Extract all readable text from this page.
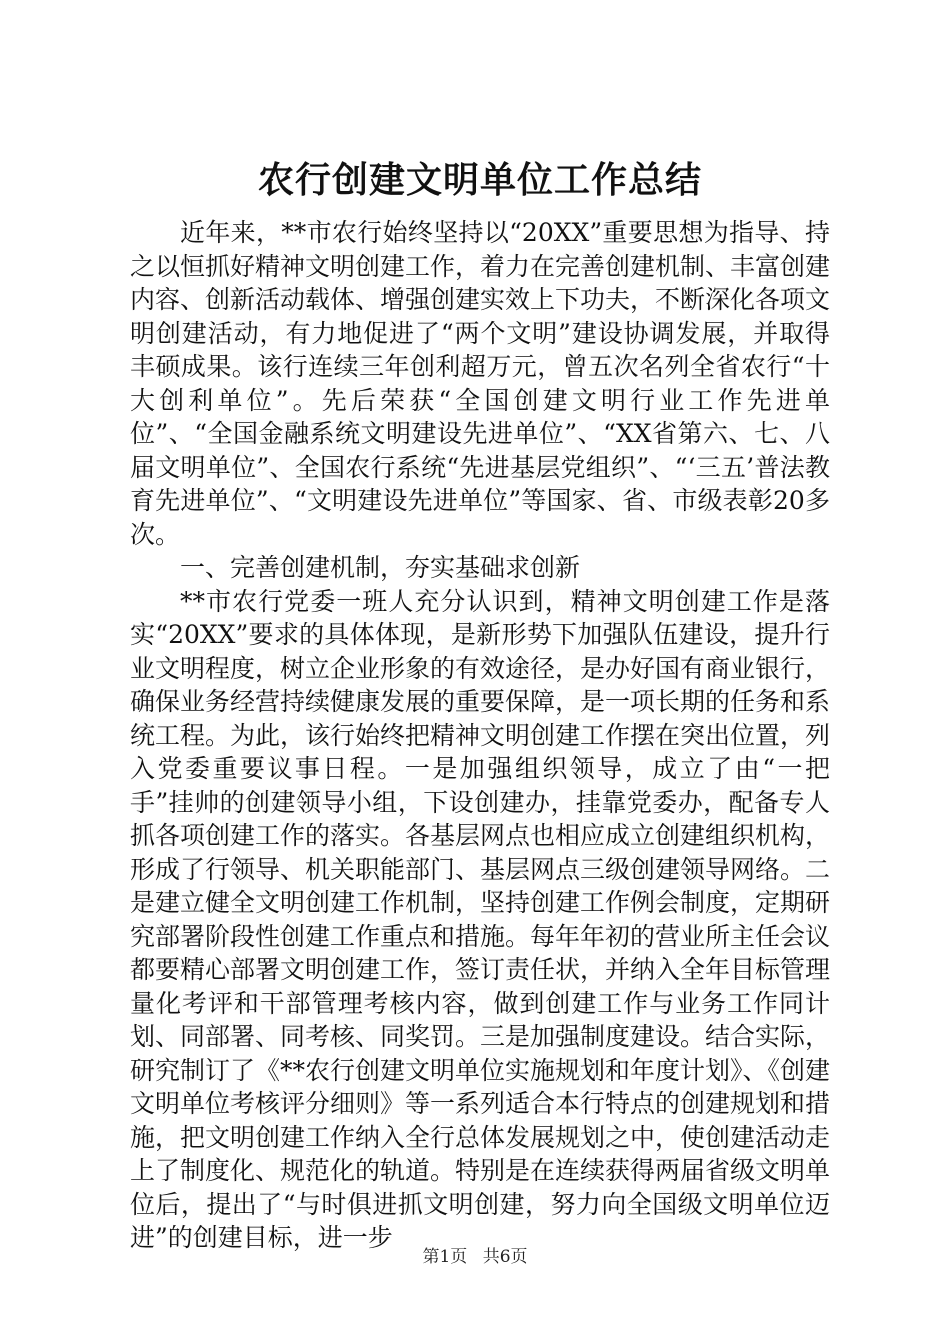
农行创建文明单位工作总结

近年来，**市农行始终坚持以“20XX”重要思想为指导、持之以恒抓好精神文明创建工作，着力在完善创建机制、丰富创建内容、创新活动载体、增强创建实效上下功夫，不断深化各项文明创建活动，有力地促进了“两个文明”建设协调发展，并取得丰硕成果。该行连续三年创利超万元，曾五次名列全省农行“十大创利单位”。先后荣获“全国创建文明行业工作先进单位”、“全国金融系统文明建设先进单位”、“XX省第六、七、八届文明单位”、全国农行系统“先进基层党组织”、“‘三五’普法教育先进单位”、“文明建设先进单位”等国家、省、市级表彰20多次。

一、完善创建机制，夯实基础求创新

**市农行党委一班人充分认识到，精神文明创建工作是落实“20XX”要求的具体体现，是新形势下加强队伍建设，提升行业文明程度，树立企业形象的有效途径，是办好国有商业银行，确保业务经营持续健康发展的重要保障，是一项长期的任务和系统工程。为此，该行始终把精神文明创建工作摆在突出位置，列入党委重要议事日程。一是加强组织领导，成立了由“一把手”挂帅的创建领导小组，下设创建办，挂靠党委办，配备专人抓各项创建工作的落实。各基层网点也相应成立创建组织机构，形成了行领导、机关职能部门、基层网点三级创建领导网络。二是建立健全文明创建工作机制，坚持创建工作例会制度，定期研究部署阶段性创建工作重点和措施。每年年初的营业所主任会议都要精心部署文明创建工作，签订责任状，并纳入全年目标管理量化考评和干部管理考核内容，做到创建工作与业务工作同计划、同部署、同考核、同奖罚。三是加强制度建设。结合实际，研究制订了《**农行创建文明单位实施规划和年度计划》、《创建文明单位考核评分细则》等一系列适合本行特点的创建规划和措施，把文明创建工作纳入全行总体发展规划之中，使创建活动走上了制度化、规范化的轨道。特别是在连续获得两届省级文明单位后，提出了“与时俱进抓文明创建，努力向全国级文明单位迈进”的创建目标，进一步

第1页 共6页
